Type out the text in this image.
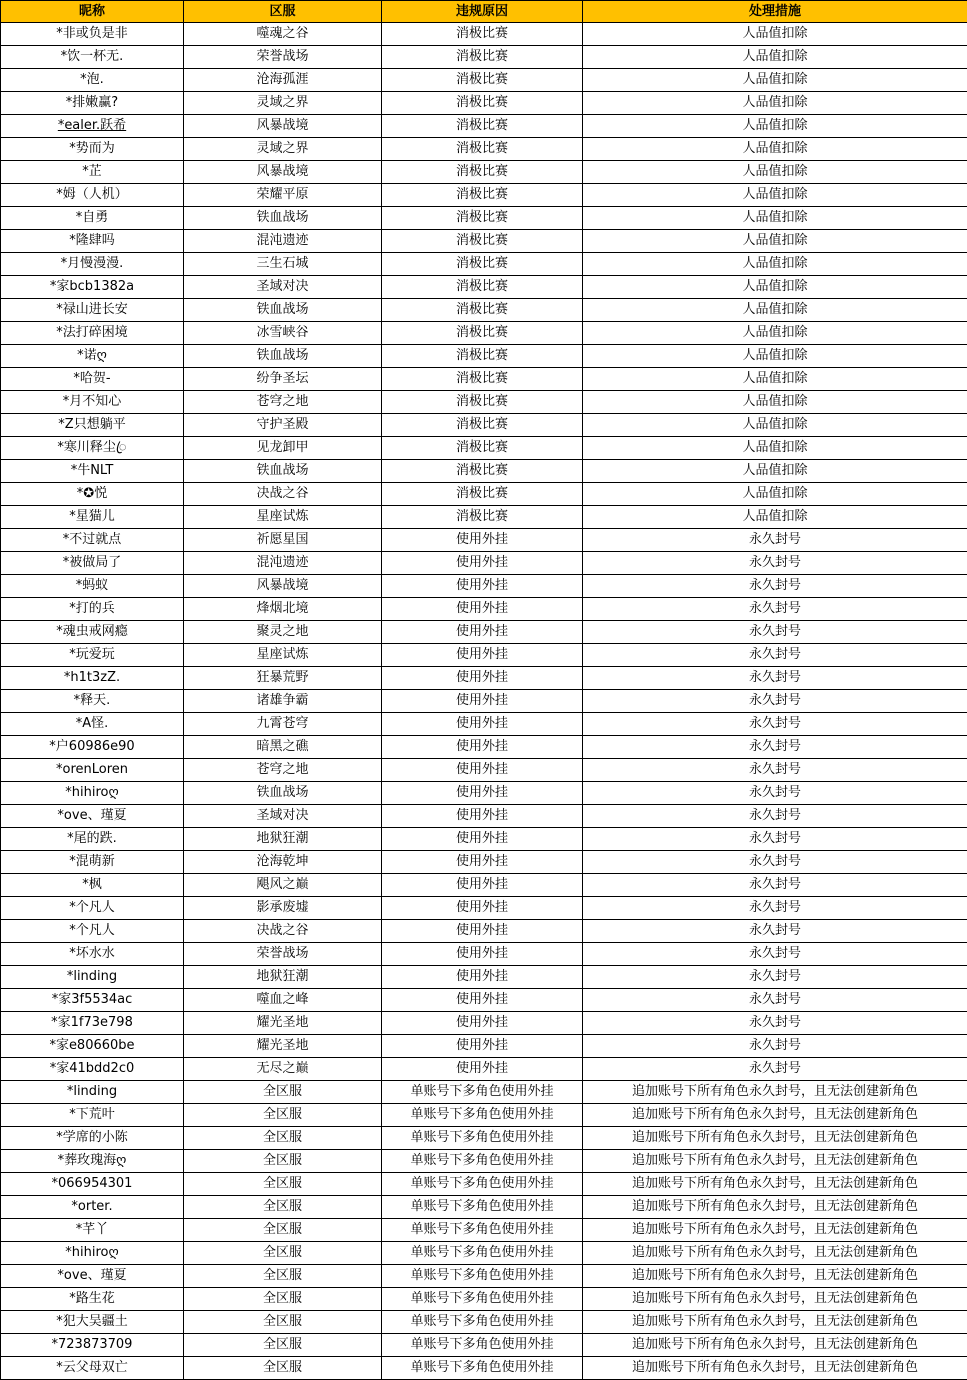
昵称	区服	违规原因	处理措施
*非或负是非	噬魂之谷	消极比赛	人品值扣除
*饮一杯无.	荣誉战场	消极比赛	人品值扣除
*泡.	沧海孤涯	消极比赛	人品值扣除
*排嫩赢?	灵域之界	消极比赛	人品值扣除
*ealer.跃希	风暴战境	消极比赛	人品值扣除
*势而为	灵域之界	消极比赛	人品值扣除
*芷	风暴战境	消极比赛	人品值扣除
*姆（人机）	荣耀平原	消极比赛	人品值扣除
*自勇	铁血战场	消极比赛	人品值扣除
*隆肆吗	混沌遗迹	消极比赛	人品值扣除
*月慢漫漫.	三生石城	消极比赛	人品值扣除
*家bcb1382a	圣域对决	消极比赛	人品值扣除
*禄山进长安	铁血战场	消极比赛	人品值扣除
*法打碎困境	冰雪峡谷	消极比赛	人品值扣除
*诺ღ	铁血战场	消极比赛	人品值扣除
*哈贺-	纷争圣坛	消极比赛	人品值扣除
*月不知心	苍穹之地	消极比赛	人品值扣除
*Z只想躺平	守护圣殿	消极比赛	人品值扣除
*寒川释尘ꦿ	见龙卸甲	消极比赛	人品值扣除
*牛NLT	铁血战场	消极比赛	人品值扣除
*✪悦	决战之谷	消极比赛	人品值扣除
*星猫儿	星座试炼	消极比赛	人品值扣除
*不过就点	祈愿星国	使用外挂	永久封号
*被做局了	混沌遗迹	使用外挂	永久封号
*蚂蚁	风暴战境	使用外挂	永久封号
*打的兵	烽烟北境	使用外挂	永久封号
*魂虫戒网瘾	聚灵之地	使用外挂	永久封号
*玩爱玩	星座试炼	使用外挂	永久封号
*h1t3zZ.	狂暴荒野	使用外挂	永久封号
*释天.	诸雄争霸	使用外挂	永久封号
*A怪.	九霄苍穹	使用外挂	永久封号
*户60986e90	暗黑之礁	使用外挂	永久封号
*orenLoren	苍穹之地	使用外挂	永久封号
*hihiroღ	铁血战场	使用外挂	永久封号
*ove、瑾夏	圣域对决	使用外挂	永久封号
*尾的跌.	地狱狂潮	使用外挂	永久封号
*混萌新	沧海乾坤	使用外挂	永久封号
*枫	飓风之巅	使用外挂	永久封号
*个凡人	影承废墟	使用外挂	永久封号
*个凡人	决战之谷	使用外挂	永久封号
*坏水水	荣誉战场	使用外挂	永久封号
*linding	地狱狂潮	使用外挂	永久封号
*家3f5534ac	噬血之峰	使用外挂	永久封号
*家1f73e798	耀光圣地	使用外挂	永久封号
*家e80660be	耀光圣地	使用外挂	永久封号
*家41bdd2c0	无尽之巅	使用外挂	永久封号
*linding	全区服	单账号下多角色使用外挂	追加账号下所有角色永久封号，且无法创建新角色
*下荒叶	全区服	单账号下多角色使用外挂	追加账号下所有角色永久封号，且无法创建新角色
*学席的小陈	全区服	单账号下多角色使用外挂	追加账号下所有角色永久封号，且无法创建新角色
*葬玫瑰海ღ	全区服	单账号下多角色使用外挂	追加账号下所有角色永久封号，且无法创建新角色
*066954301	全区服	单账号下多角色使用外挂	追加账号下所有角色永久封号，且无法创建新角色
*orter.	全区服	单账号下多角色使用外挂	追加账号下所有角色永久封号，且无法创建新角色
*芊丫	全区服	单账号下多角色使用外挂	追加账号下所有角色永久封号，且无法创建新角色
*hihiroღ	全区服	单账号下多角色使用外挂	追加账号下所有角色永久封号，且无法创建新角色
*ove、瑾夏	全区服	单账号下多角色使用外挂	追加账号下所有角色永久封号，且无法创建新角色
*路生花	全区服	单账号下多角色使用外挂	追加账号下所有角色永久封号，且无法创建新角色
*犯大吴疆土	全区服	单账号下多角色使用外挂	追加账号下所有角色永久封号，且无法创建新角色
*723873709	全区服	单账号下多角色使用外挂	追加账号下所有角色永久封号，且无法创建新角色
*云父母双亡	全区服	单账号下多角色使用外挂	追加账号下所有角色永久封号，且无法创建新角色
